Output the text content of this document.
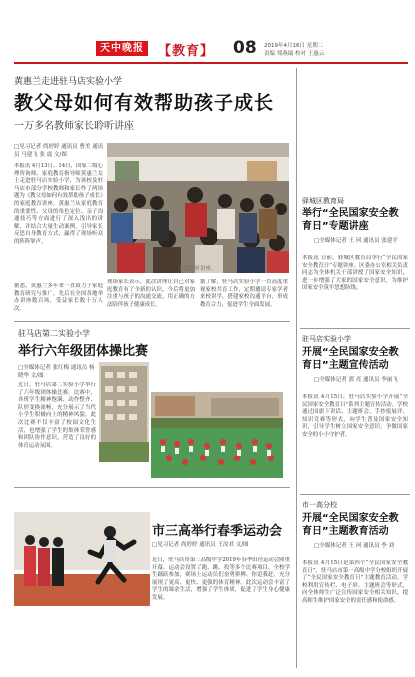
天中晚报	【教育】 08 2019年4月16日 星期二
责编 郑燕瑞 校对 王惠云
黄惠兰走进驻马店实验小学
教父母如何有效帮助孩子成长
一万多名教师家长聆听讲座
□见习记者 尚婷婷 通讯员 曹美 通讯员 马建飞 张 震 文/图
本报讯 4月13日、14日，国家二级心理咨询师、家庭教育指导师黄惠兰女士走进驻马店实验小学，为该校及驻马店市部分学校教师和家长作了两场题为《教父母如何有效帮助孩子成长》的家庭教育讲座。黄惠兰从家庭教育的重要性、父母的角色定位、亲子沟通技巧等方面进行了深入浅出的讲解，并结合大量生动案例，引导家长反思自身教育方式，赢得了现场听众的阵阵掌声。
据悉，黄惠兰多年来一直致力于家庭教育研究与推广，先后在全国各地举办讲座数百场，受益家长数十万人次。
家长聆听讲座。
现场家长表示，此次讲座让自己对家庭教育有了全新的认识，今后将更加注重与孩子的沟通交流，用正确的方法陪伴孩子健康成长。
据了解，驻马店实验小学一直高度重视家校共育工作，定期邀请专家学者来校讲学，搭建家校沟通平台，形成教育合力，促进学生全面发展。
驻马店第二实验小学
举行六年级团体操比赛
□全媒体记者 张红梅 通讯员 杨晓华 文/图
近日，驻马店第二实验小学举行了六年级团体操比赛。比赛中，各班学生精神饱满、动作整齐、队形变换流畅，充分展示了当代小学生积极向上的精神风貌。此次比赛不仅丰富了校园文化生活，也增强了学生的集体荣誉感和团队协作意识，营造了良好的体育运动氛围。
市三高举行春季运动会
□见习记者 尚婷婷 通讯员 王汝君 文/图
近日，驻马店市第三高级中学2019年春季田径运动会隆重开幕。运动会设置了跑、跳、投等多个比赛项目，全校学生踊跃参加，赛场上运动员们奋勇拼搏、你追我赶，充分展现了更高、更快、更强的体育精神。此次运动会丰富了学生的课余生活，增强了学生体质，促进了学生身心健康发展。
驿城区教育局
举行“全民国家安全教育日”专题讲座
□全媒体记者 王 珂 通讯员 张建平
本报讯 日前，驿城区教育局举行“全民国家安全教育日”专题讲座。区委办公室相关负责同志为全体机关干部讲授了国家安全知识，进一步增强了大家的国家安全意识，为维护国家安全筑牢思想防线。
驻马店实验小学
开展“全民国家安全教育日”主题宣传活动
□全媒体记者 郭 亮 通讯员 李丽飞
本报讯 4月15日，驻马店实验小学开展“全民国家安全教育日”系列主题宣传活动。学校通过国旗下讲话、主题班会、手抄报展评、知识竞赛等形式，向学生普及国家安全知识，引导学生树立国家安全意识，争做国家安全的小小守护者。
市一高分校
开展“全民国家安全教育日”主题教育活动
□全媒体记者 王 珂 通讯员 李 刘
本报讯 4月15日是第四个“全民国家安全教育日”，驻马店市第一高级中学分校组织开展了“全民国家安全教育日”主题教育活动。学校利用宣传栏、电子屏、主题班会等形式，向全体师生广泛宣传国家安全相关知识，提高师生维护国家安全的责任感和使命感。
